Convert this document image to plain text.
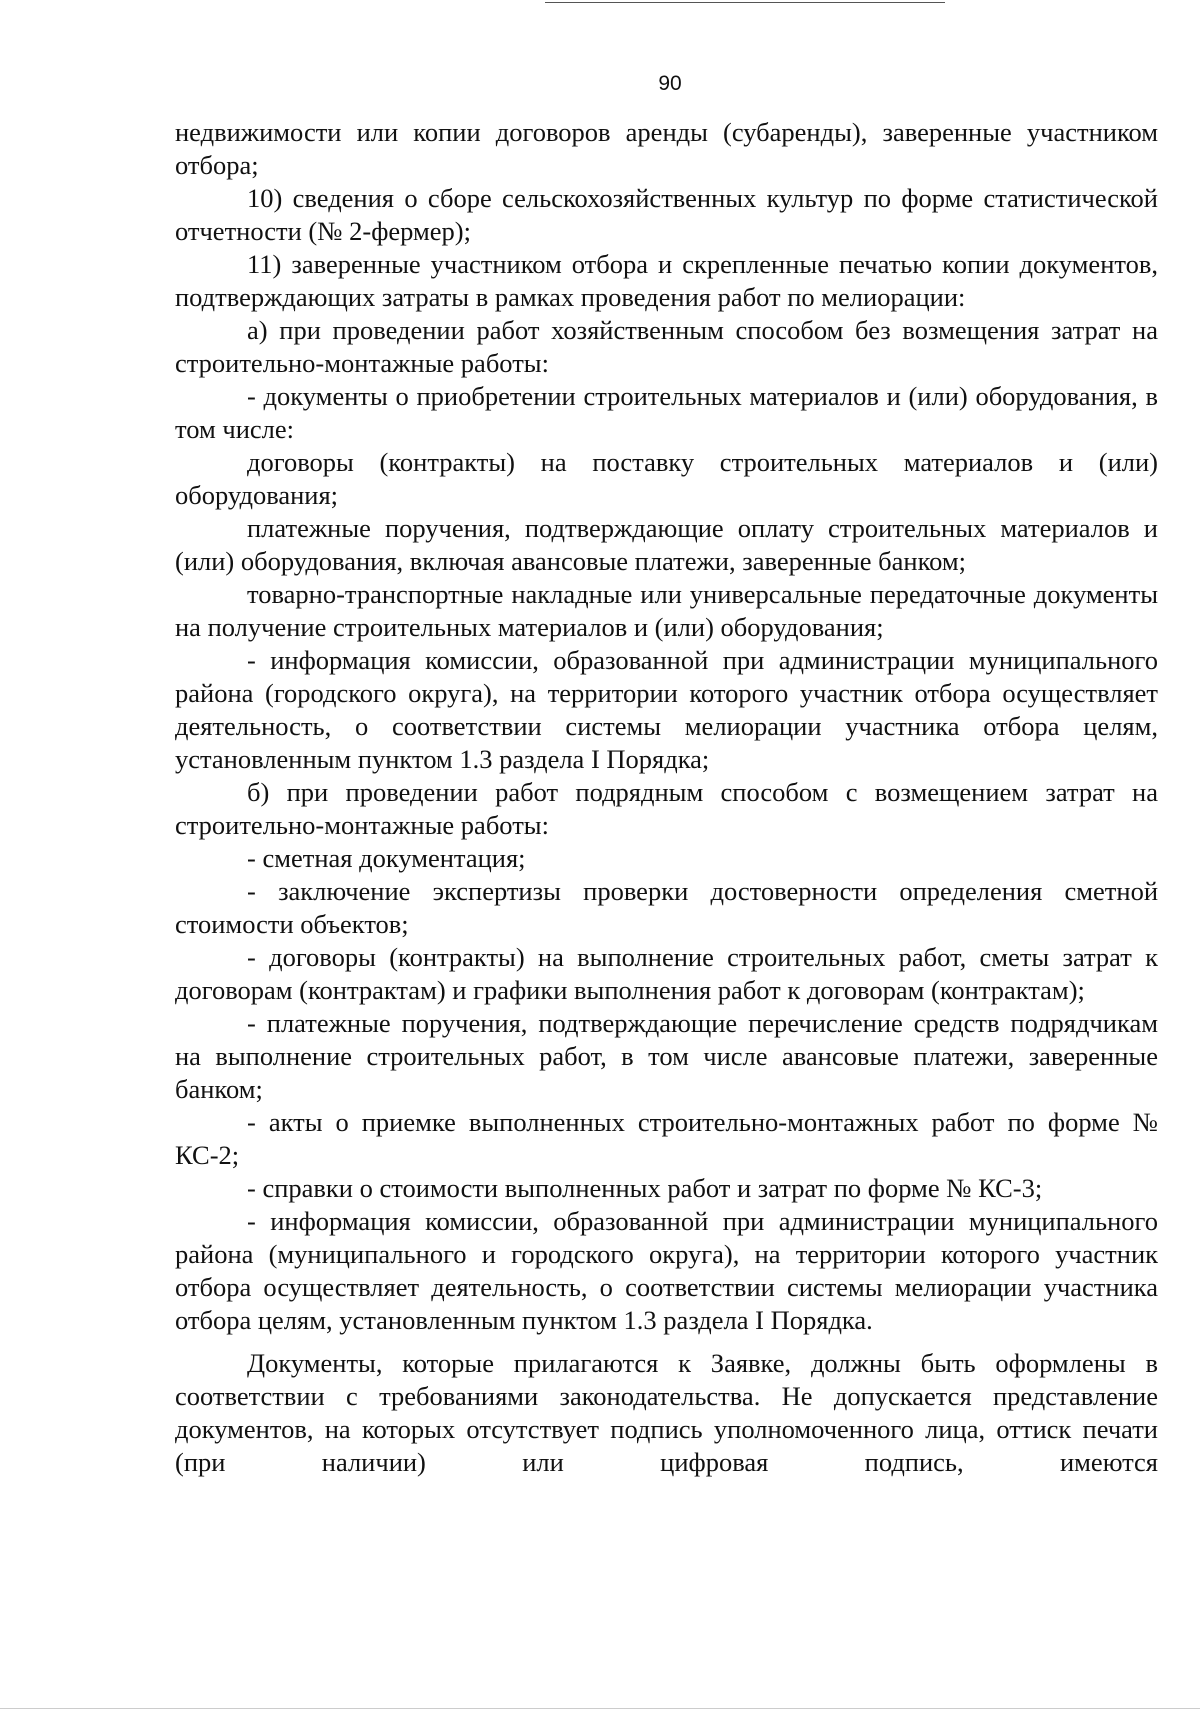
90

недвижимости или копии договоров аренды (субаренды), заверенные участником отбора;

10) сведения о сборе сельскохозяйственных культур по форме статистической отчетности (№ 2-фермер);

11) заверенные участником отбора и скрепленные печатью копии документов, подтверждающих затраты в рамках проведения работ по мелиорации:

а) при проведении работ хозяйственным способом без возмещения затрат на строительно-монтажные работы:

- документы о приобретении строительных материалов и (или) оборудования, в том числе:

договоры (контракты) на поставку строительных материалов и (или) оборудования;

платежные поручения, подтверждающие оплату строительных материалов и (или) оборудования, включая авансовые платежи, заверенные банком;

товарно-транспортные накладные или универсальные передаточные документы на получение строительных материалов и (или) оборудования;

- информация комиссии, образованной при администрации муниципального района (городского округа), на территории которого участник отбора осуществляет деятельность, о соответствии системы мелиорации участника отбора целям, установленным пунктом 1.3 раздела I Порядка;

б) при проведении работ подрядным способом с возмещением затрат на строительно-монтажные работы:

- сметная документация;

- заключение экспертизы проверки достоверности определения сметной стоимости объектов;

- договоры (контракты) на выполнение строительных работ, сметы затрат к договорам (контрактам) и графики выполнения работ к договорам (контрактам);

- платежные поручения, подтверждающие перечисление средств подрядчикам на выполнение строительных работ, в том числе авансовые платежи, заверенные банком;

- акты о приемке выполненных строительно-монтажных работ по форме № КС-2;

- справки о стоимости выполненных работ и затрат по форме № КС-3;

- информация комиссии, образованной при администрации муниципального района (муниципального и городского округа), на территории которого участник отбора осуществляет деятельность, о соответствии системы мелиорации участника отбора целям, установленным пунктом 1.3 раздела I Порядка.

Документы, которые прилагаются к Заявке, должны быть оформлены в соответствии с требованиями законодательства. Не допускается представление документов, на которых отсутствует подпись уполномоченного лица, оттиск печати (при наличии) или цифровая подпись, имеются
